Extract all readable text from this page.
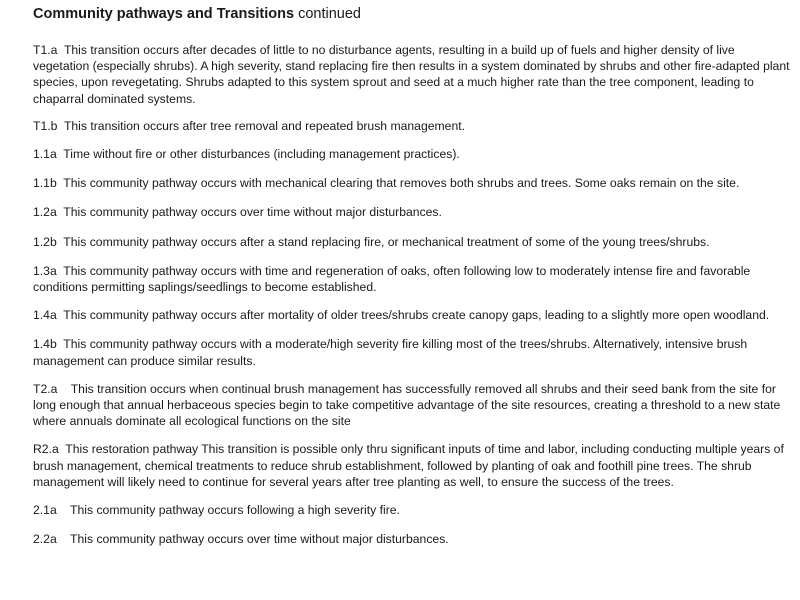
Community pathways and Transitions continued

T1.a  This transition occurs after decades of little to no disturbance agents, resulting in a build up of fuels and higher density of live vegetation (especially shrubs). A high severity, stand replacing fire then results in a system dominated by shrubs and other fire-adapted plant species, upon revegetating. Shrubs adapted to this system sprout and seed at a much higher rate than the tree component, leading to chaparral dominated systems.

T1.b  This transition occurs after tree removal and repeated brush management.

1.1a  Time without fire or other disturbances (including management practices).

1.1b  This community pathway occurs with mechanical clearing that removes both shrubs and trees. Some oaks remain on the site.

1.2a  This community pathway occurs over time without major disturbances.

1.2b  This community pathway occurs after a stand replacing fire, or mechanical treatment of some of the young trees/shrubs.

1.3a  This community pathway occurs with time and regeneration of oaks, often following low to moderately intense fire and favorable conditions permitting saplings/seedlings to become established.

1.4a  This community pathway occurs after mortality of older trees/shrubs create canopy gaps, leading to a slightly more open woodland.

1.4b  This community pathway occurs with a moderate/high severity fire killing most of the trees/shrubs. Alternatively, intensive brush management can produce similar results.

T2.a    This transition occurs when continual brush management has successfully removed all shrubs and their seed bank from the site for long enough that annual herbaceous species begin to take competitive advantage of the site resources, creating a threshold to a new state where annuals dominate all ecological functions on the site

R2.a  This restoration pathway This transition is possible only thru significant inputs of time and labor, including conducting multiple years of brush management, chemical treatments to reduce shrub establishment, followed by planting of oak and foothill pine trees. The shrub management will likely need to continue for several years after tree planting as well, to ensure the success of the trees.

2.1a    This community pathway occurs following a high severity fire.

2.2a    This community pathway occurs over time without major disturbances.
